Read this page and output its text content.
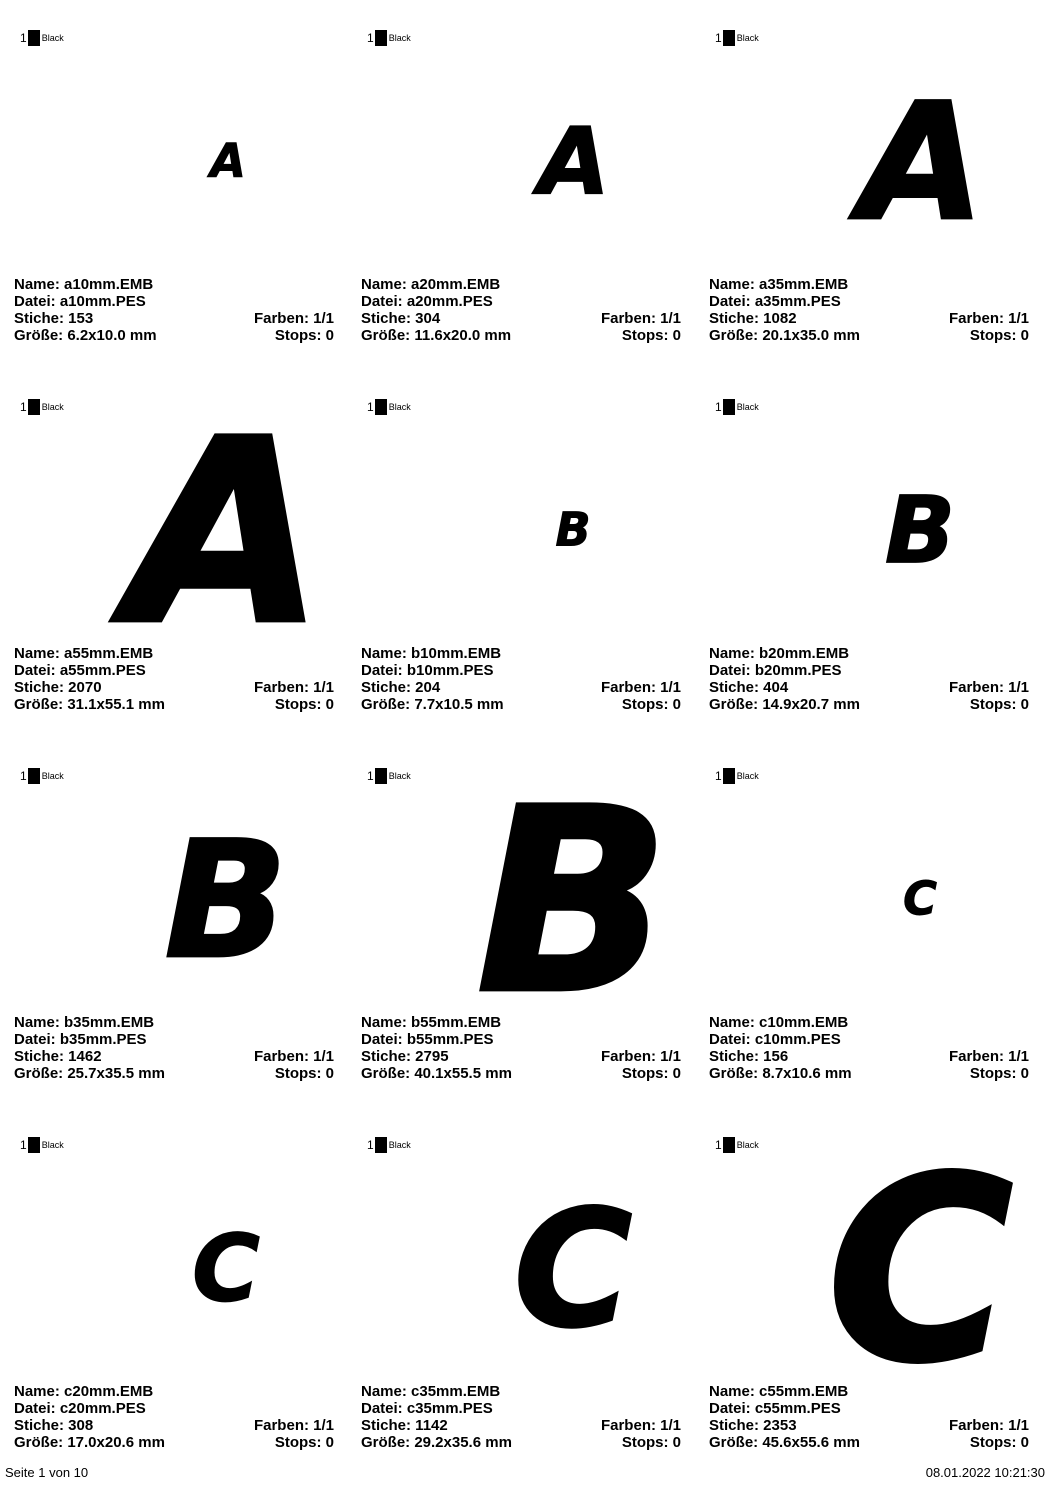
1 Black
A
Name: a10mm.EMB
Datei: a10mm.PES
Stiche: 153	Farben: 1/1
Größe: 6.2x10.0 mm	Stops: 0
1 Black
A
Name: a20mm.EMB
Datei: a20mm.PES
Stiche: 304	Farben: 1/1
Größe: 11.6x20.0 mm	Stops: 0
1 Black
A
Name: a35mm.EMB
Datei: a35mm.PES
Stiche: 1082	Farben: 1/1
Größe: 20.1x35.0 mm	Stops: 0
1 Black A
Name: a55mm.EMB
Datei: a55mm.PES
Stiche: 2070	Farben: 1/1
Größe: 31.1x55.1 mm	Stops: 0
1 Black
B
Name: b10mm.EMB
Datei: b10mm.PES
Stiche: 204	Farben: 1/1
Größe: 7.7x10.5 mm	Stops: 0
1 Black
B
Name: b20mm.EMB
Datei: b20mm.PES
Stiche: 404	Farben: 1/1
Größe: 14.9x20.7 mm	Stops: 0
1 Black
B
Name: b35mm.EMB
Datei: b35mm.PES
Stiche: 1462	Farben: 1/1
Größe: 25.7x35.5 mm	Stops: 0
1 Black B
Name: b55mm.EMB
Datei: b55mm.PES
Stiche: 2795	Farben: 1/1
Größe: 40.1x55.5 mm	Stops: 0
1 Black
C
Name: c10mm.EMB
Datei: c10mm.PES
Stiche: 156	Farben: 1/1
Größe: 8.7x10.6 mm	Stops: 0
1 Black
C
Name: c20mm.EMB
Datei: c20mm.PES
Stiche: 308	Farben: 1/1
Größe: 17.0x20.6 mm	Stops: 0
1 Black
C
Name: c35mm.EMB
Datei: c35mm.PES
Stiche: 1142	Farben: 1/1
Größe: 29.2x35.6 mm	Stops: 0
1 Black C
Name: c55mm.EMB
Datei: c55mm.PES
Stiche: 2353	Farben: 1/1
Größe: 45.6x55.6 mm	Stops: 0
Seite 1 von 10	08.01.2022 10:21:30
